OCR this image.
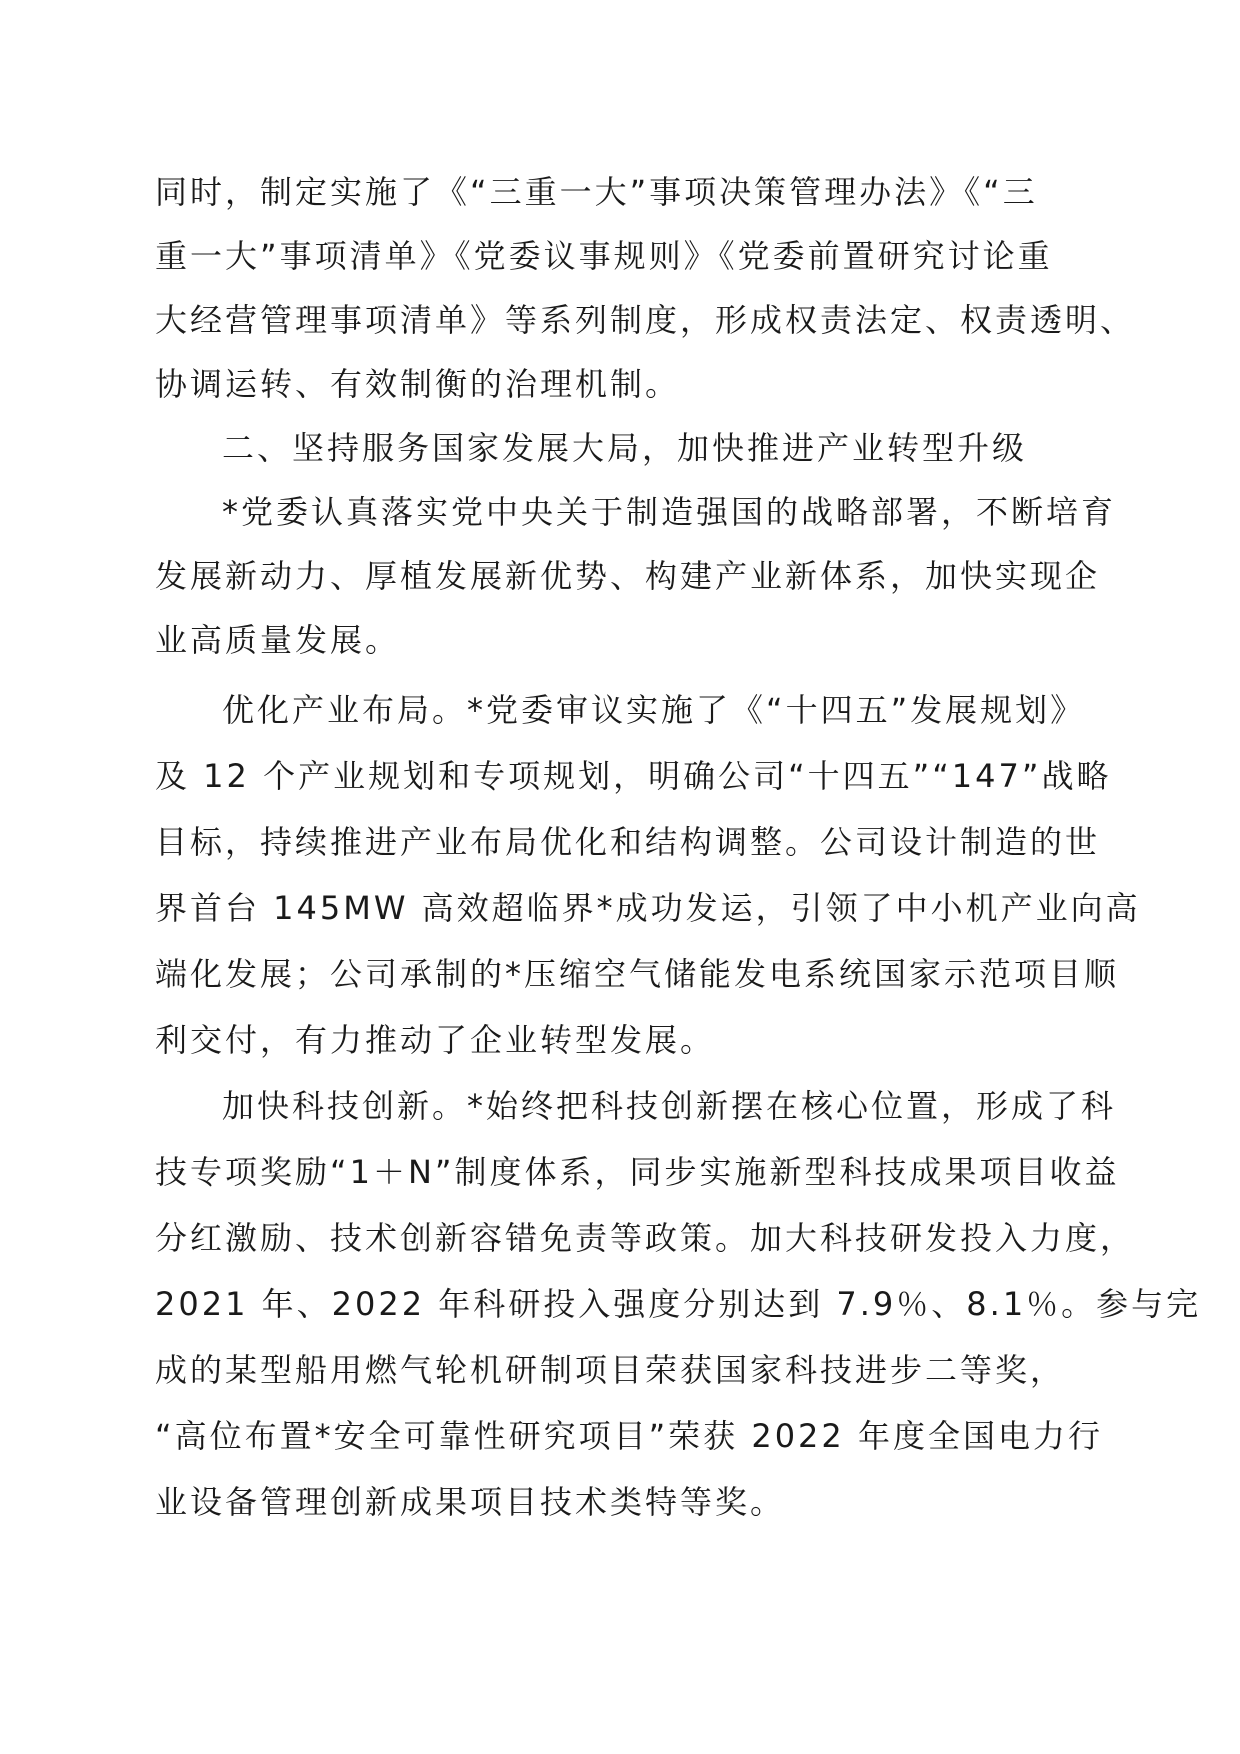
同时，制定实施了《“三重一大”事项决策管理办法》《“三
重一大”事项清单》《党委议事规则》《党委前置研究讨论重
大经营管理事项清单》等系列制度，形成权责法定、权责透明、
协调运转、有效制衡的治理机制。
二、坚持服务国家发展大局，加快推进产业转型升级
*党委认真落实党中央关于制造强国的战略部署，不断培育
发展新动力、厚植发展新优势、构建产业新体系，加快实现企
业高质量发展。
优化产业布局。*党委审议实施了《“十四五”发展规划》
及 12 个产业规划和专项规划，明确公司“十四五”“147”战略
目标，持续推进产业布局优化和结构调整。公司设计制造的世
界首台 145MW 高效超临界*成功发运，引领了中小机产业向高
端化发展；公司承制的*压缩空气储能发电系统国家示范项目顺
利交付，有力推动了企业转型发展。
加快科技创新。*始终把科技创新摆在核心位置，形成了科
技专项奖励“1＋N”制度体系，同步实施新型科技成果项目收益
分红激励、技术创新容错免责等政策。加大科技研发投入力度，
2021 年、2022 年科研投入强度分别达到 7.9％、8.1％。参与完
成的某型船用燃气轮机研制项目荣获国家科技进步二等奖，
“高位布置*安全可靠性研究项目”荣获 2022 年度全国电力行
业设备管理创新成果项目技术类特等奖。
